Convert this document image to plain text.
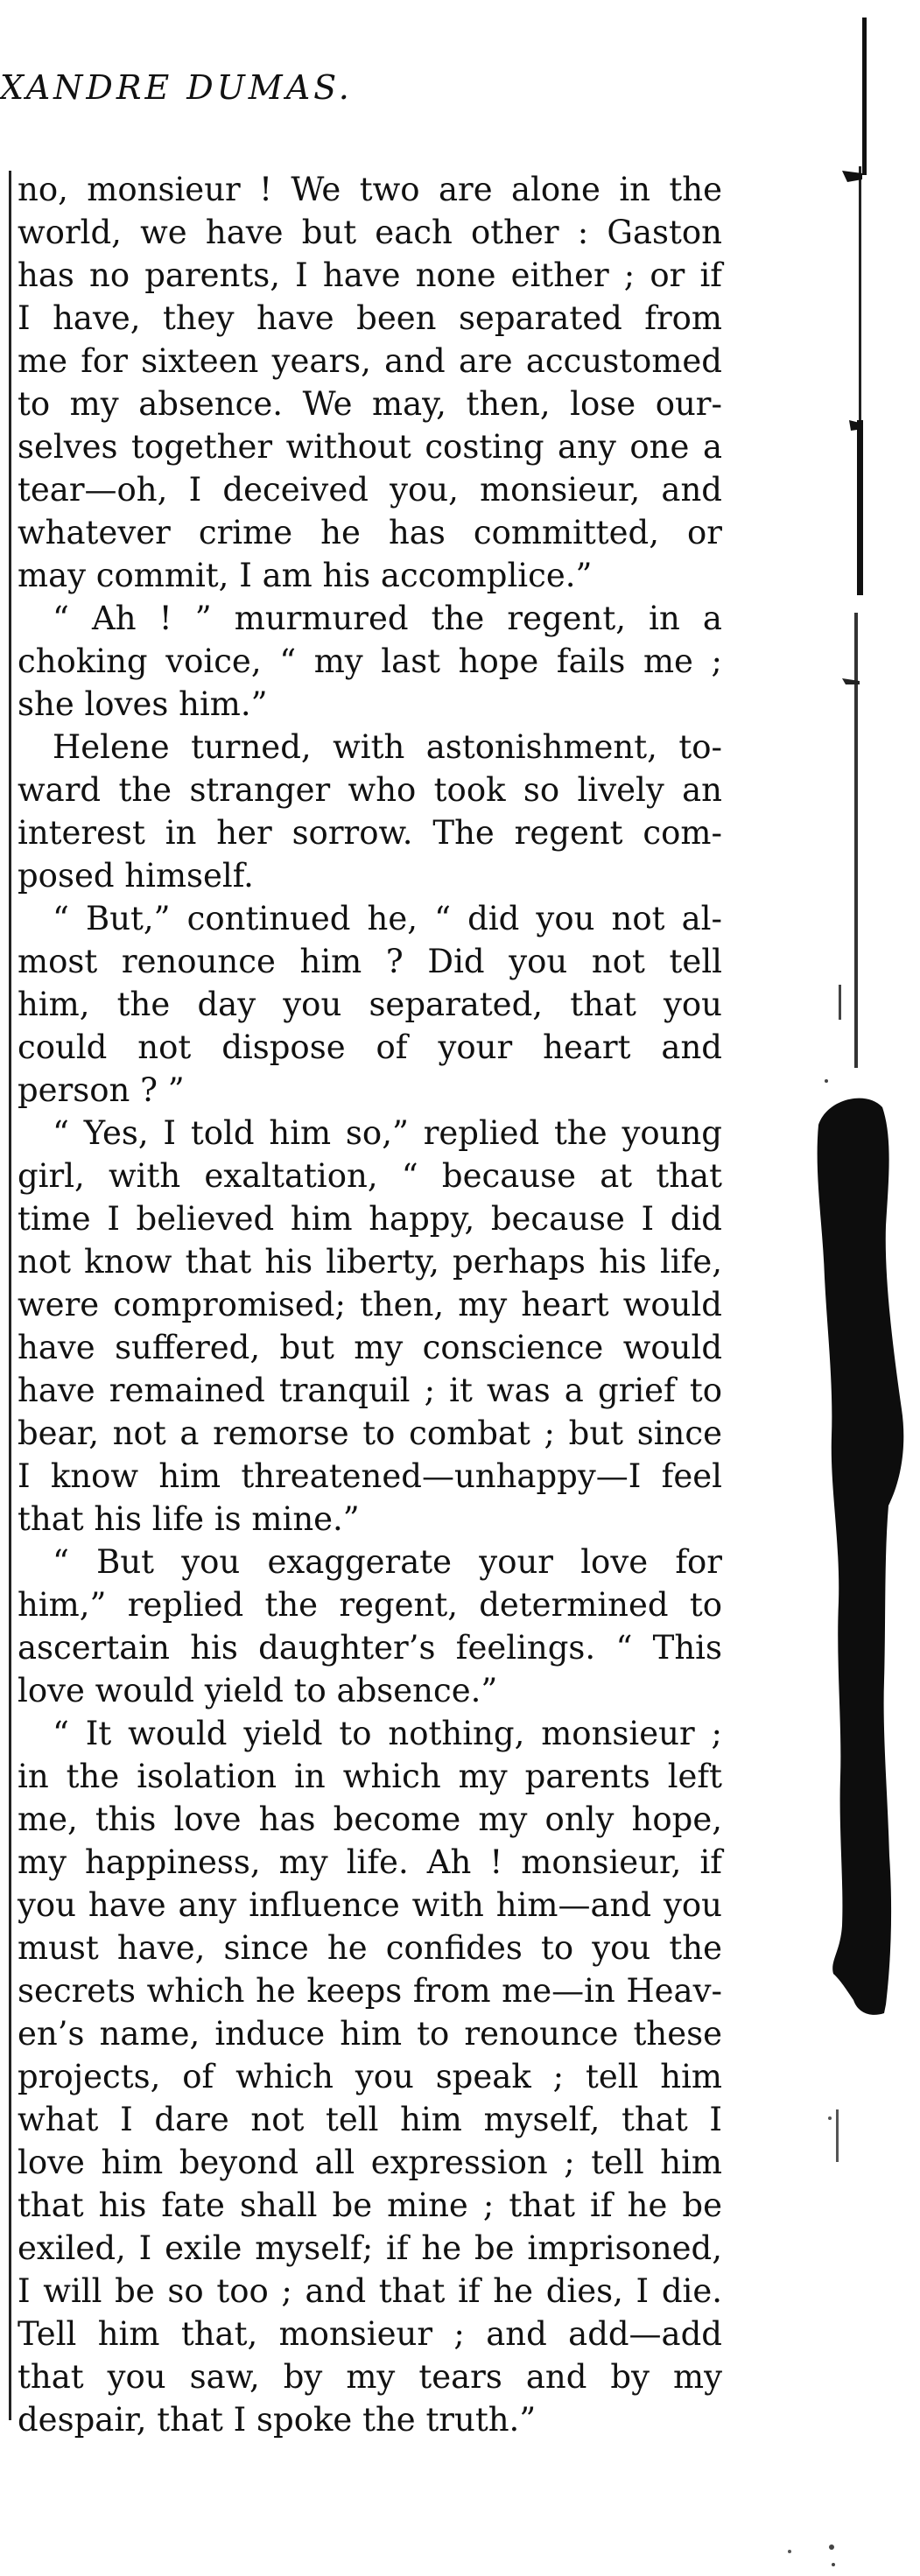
XANDRE DUMAS.
no, monsieur ! We two are alone in the
world, we have but each other : Gaston
has no parents, I have none either ; or if
I have, they have been separated from
me for sixteen years, and are accustomed
to my absence. We may, then, lose our-
selves together without costing any one a
tear—oh, I deceived you, monsieur, and
whatever crime he has committed, or
may commit, I am his accomplice.”
“ Ah ! ” murmured the regent, in a
choking voice, “ my last hope fails me ;
she loves him.”
Helene turned, with astonishment, to-
ward the stranger who took so lively an
interest in her sorrow. The regent com-
posed himself.
“ But,” continued he, “ did you not al-
most renounce him ? Did you not tell
him, the day you separated, that you
could not dispose of your heart and
person ? ”
“ Yes, I told him so,” replied the young
girl, with exaltation, “ because at that
time I believed him happy, because I did
not know that his liberty, perhaps his life,
were compromised; then, my heart would
have suffered, but my conscience would
have remained tranquil ; it was a grief to
bear, not a remorse to combat ; but since
I know him threatened—unhappy—I feel
that his life is mine.”
“ But you exaggerate your love for
him,” replied the regent, determined to
ascertain his daughter’s feelings. “ This
love would yield to absence.”
“ It would yield to nothing, monsieur ;
in the isolation in which my parents left
me, this love has become my only hope,
my happiness, my life. Ah ! monsieur, if
you have any influence with him—and you
must have, since he confides to you the
secrets which he keeps from me—in Heav-
en’s name, induce him to renounce these
projects, of which you speak ; tell him
what I dare not tell him myself, that I
love him beyond all expression ; tell him
that his fate shall be mine ; that if he be
exiled, I exile myself; if he be imprisoned,
I will be so too ; and that if he dies, I die.
Tell him that, monsieur ; and add—add
that you saw, by my tears and by my
despair, that I spoke the truth.”
